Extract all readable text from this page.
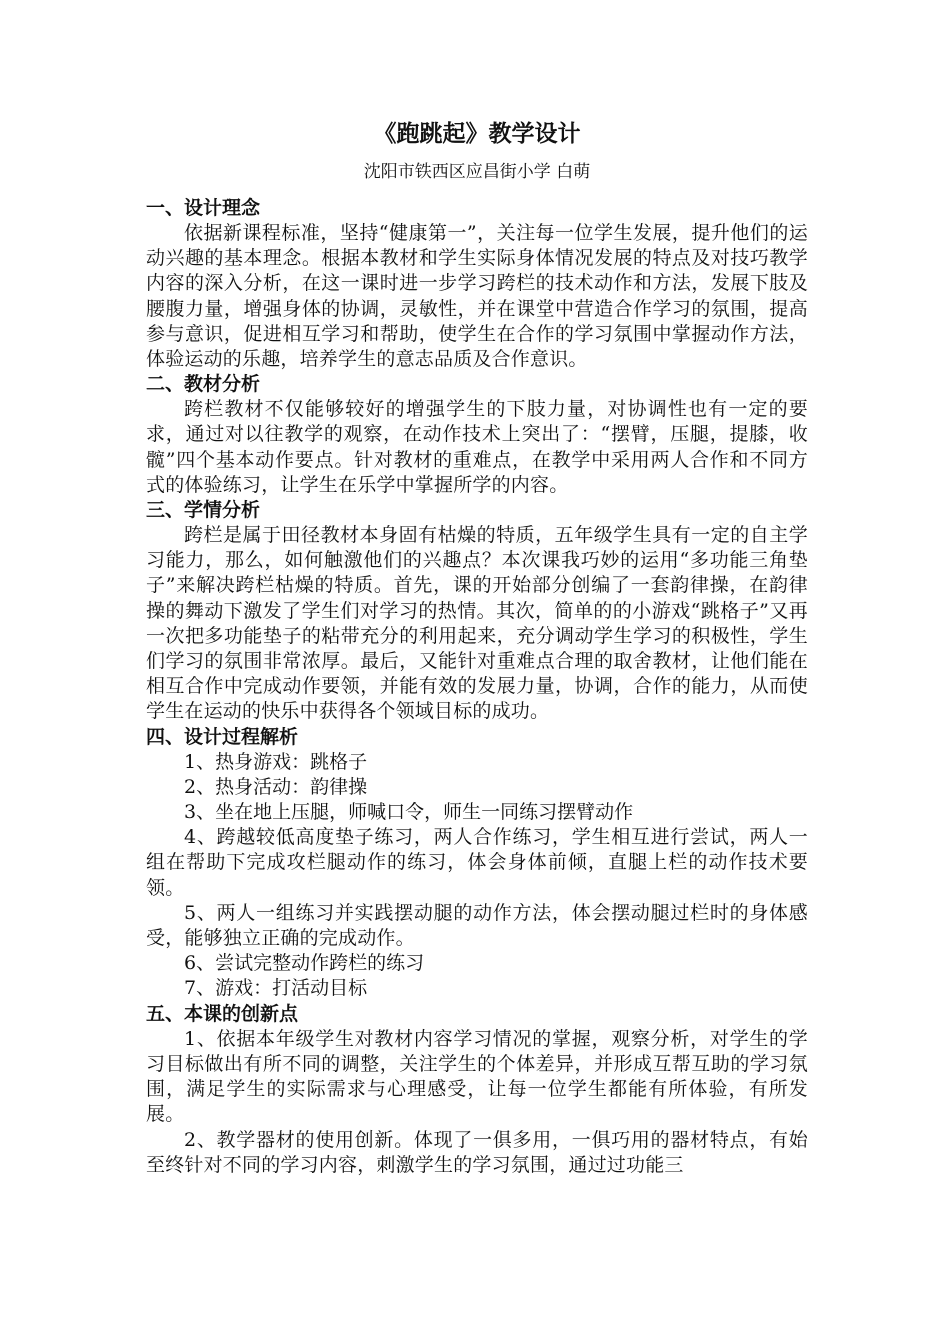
《跑跳起》教学设计
沈阳市铁西区应昌街小学 白萌
一、设计理念

依据新课程标准，坚持“健康第一”，关注每一位学生发展，提升他们的运动兴趣的基本理念。根据本教材和学生实际身体情况发展的特点及对技巧教学内容的深入分析，在这一课时进一步学习跨栏的技术动作和方法，发展下肢及腰腹力量，增强身体的协调，灵敏性，并在课堂中营造合作学习的氛围，提高参与意识，促进相互学习和帮助，使学生在合作的学习氛围中掌握动作方法，体验运动的乐趣，培养学生的意志品质及合作意识。

二、教材分析

跨栏教材不仅能够较好的增强学生的下肢力量，对协调性也有一定的要求，通过对以往教学的观察，在动作技术上突出了：“摆臂，压腿，提膝，收髋”四个基本动作要点。针对教材的重难点，在教学中采用两人合作和不同方式的体验练习，让学生在乐学中掌握所学的内容。

三、学情分析

跨栏是属于田径教材本身固有枯燥的特质，五年级学生具有一定的自主学习能力，那么，如何触激他们的兴趣点？本次课我巧妙的运用“多功能三角垫子”来解决跨栏枯燥的特质。首先，课的开始部分创编了一套韵律操，在韵律操的舞动下激发了学生们对学习的热情。其次，简单的的小游戏“跳格子”又再一次把多功能垫子的粘带充分的利用起来，充分调动学生学习的积极性，学生们学习的氛围非常浓厚。最后，又能针对重难点合理的取舍教材，让他们能在相互合作中完成动作要领，并能有效的发展力量，协调，合作的能力，从而使学生在运动的快乐中获得各个领域目标的成功。

四、设计过程解析

1、热身游戏：跳格子

2、热身活动：韵律操

3、坐在地上压腿，师喊口令，师生一同练习摆臂动作

4、跨越较低高度垫子练习，两人合作练习，学生相互进行尝试，两人一组在帮助下完成攻栏腿动作的练习，体会身体前倾，直腿上栏的动作技术要领。

5、两人一组练习并实践摆动腿的动作方法，体会摆动腿过栏时的身体感受，能够独立正确的完成动作。

6、尝试完整动作跨栏的练习

7、游戏：打活动目标

五、本课的创新点

1、依据本年级学生对教材内容学习情况的掌握，观察分析，对学生的学习目标做出有所不同的调整，关注学生的个体差异，并形成互帮互助的学习氛围，满足学生的实际需求与心理感受，让每一位学生都能有所体验，有所发展。

2、教学器材的使用创新。体现了一俱多用，一俱巧用的器材特点，有始至终针对不同的学习内容，刺激学生的学习氛围，通过过功能三
